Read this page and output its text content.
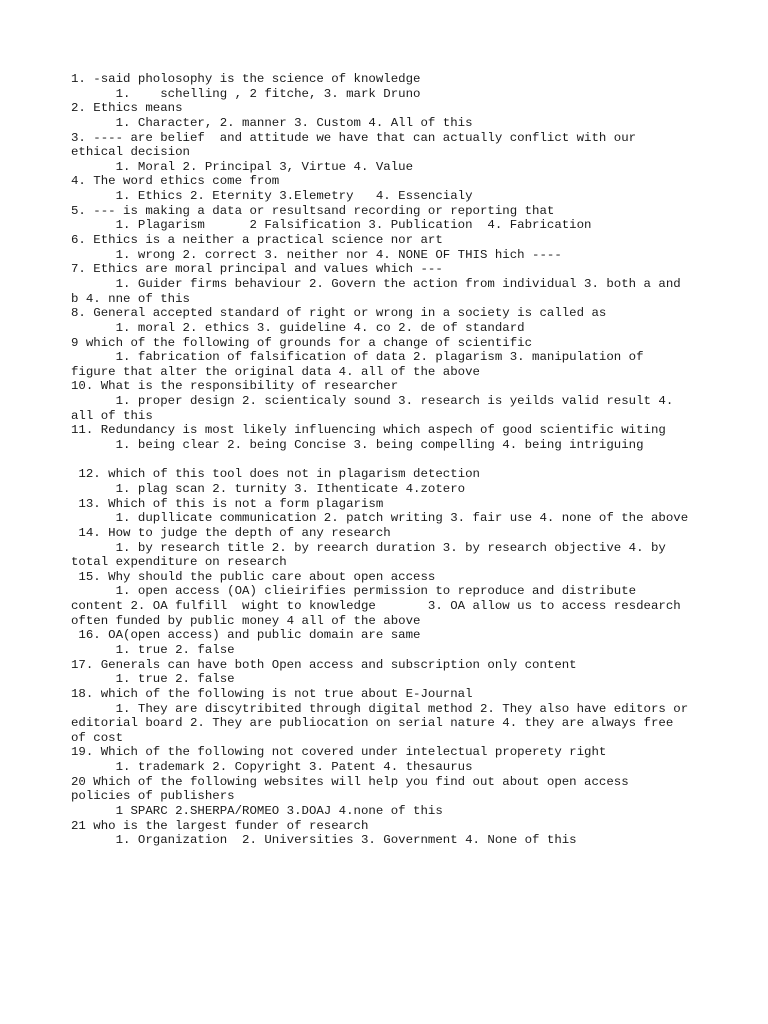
1. -said pholosophy is the science of knowledge
1.    schelling , 2 fitche, 3. mark Druno
2. Ethics means
1. Character, 2. manner 3. Custom 4. All of this
3. ---- are belief  and attitude we have that can actually conflict with our
ethical decision
1. Moral 2. Principal 3, Virtue 4. Value
4. The word ethics come from
1. Ethics 2. Eternity 3.Elemetry   4. Essencialy
5. --- is making a data or resultsand recording or reporting that
1. Plagarism      2 Falsification 3. Publication  4. Fabrication
6. Ethics is a neither a practical science nor art
1. wrong 2. correct 3. neither nor 4. NONE OF THIS hich ----
7. Ethics are moral principal and values which ---
1. Guider firms behaviour 2. Govern the action from individual 3. both a and
b 4. nne of this
8. General accepted standard of right or wrong in a society is called as
1. moral 2. ethics 3. guideline 4. co 2. de of standard
9 which of the following of grounds for a change of scientific
1. fabrication of falsification of data 2. plagarism 3. manipulation of
figure that alter the original data 4. all of the above
10. What is the responsibility of researcher
1. proper design 2. scienticaly sound 3. research is yeilds valid result 4.
all of this
11. Redundancy is most likely influencing which aspech of good scientific witing
1. being clear 2. being Concise 3. being compelling 4. being intriguing
12. which of this tool does not in plagarism detection
1. plag scan 2. turnity 3. Ithenticate 4.zotero
13. Which of this is not a form plagarism
1. dupllicate communication 2. patch writing 3. fair use 4. none of the above
14. How to judge the depth of any research
1. by research title 2. by reearch duration 3. by research objective 4. by
total expenditure on research
15. Why should the public care about open access
1. open access (OA) clieirifies permission to reproduce and distribute
content 2. OA fulfill  wight to knowledge       3. OA allow us to access resdearch
often funded by public money 4 all of the above
16. OA(open access) and public domain are same
1. true 2. false
17. Generals can have both Open access and subscription only content
1. true 2. false
18. which of the following is not true about E-Journal
1. They are discytribited through digital method 2. They also have editors or
editorial board 2. They are publiocation on serial nature 4. they are always free
of cost
19. Which of the following not covered under intelectual properety right
1. trademark 2. Copyright 3. Patent 4. thesaurus
20 Which of the following websites will help you find out about open access
policies of publishers
1 SPARC 2.SHERPA/ROMEO 3.DOAJ 4.none of this
21 who is the largest funder of research
1. Organization  2. Universities 3. Government 4. None of this
